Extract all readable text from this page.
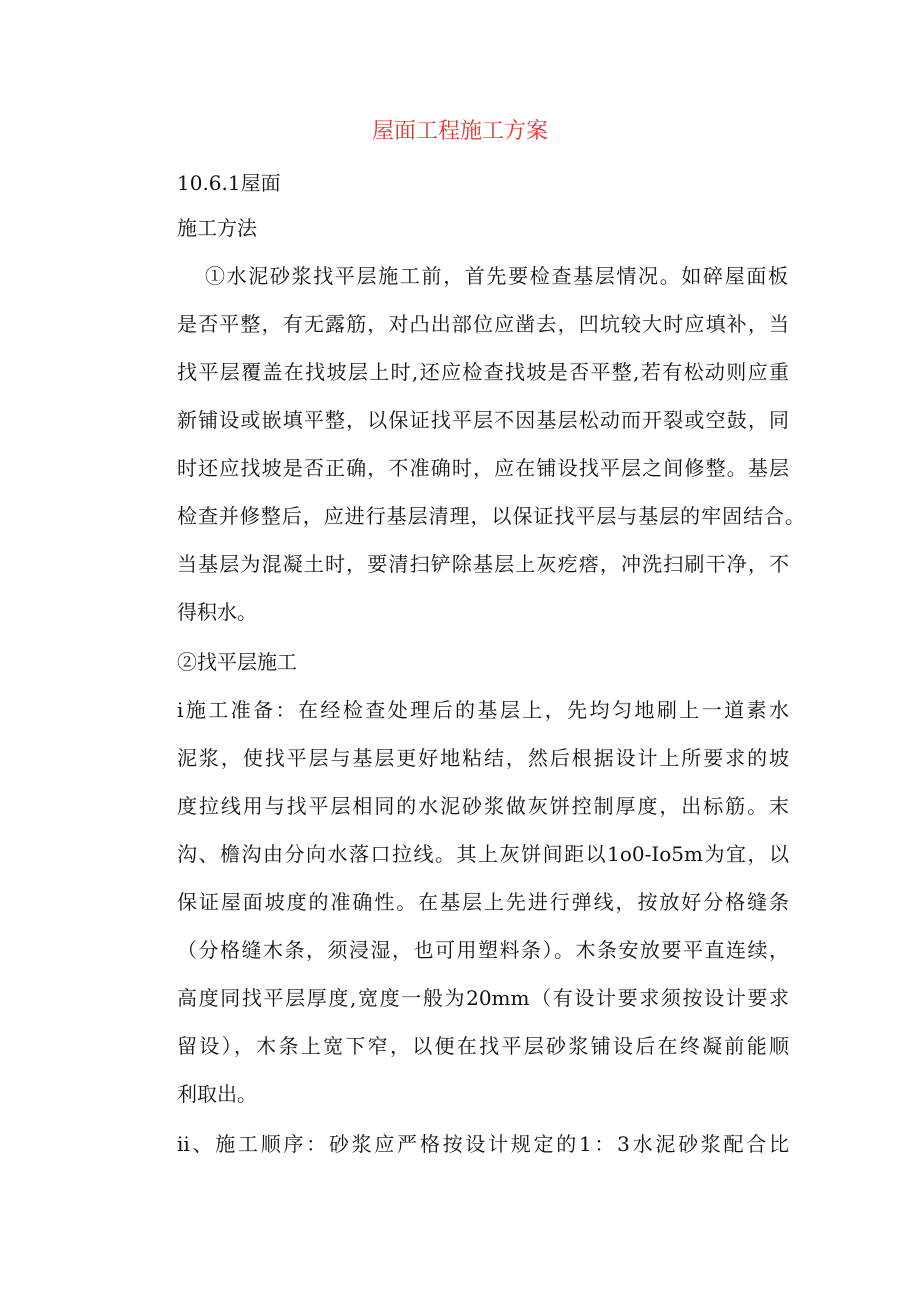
屋面工程施工方案
10.6.1屋面
施工方法
①水泥砂浆找平层施工前，首先要检查基层情况。如碎屋面板
是否平整，有无露筋，对凸出部位应凿去，凹坑较大时应填补，当
找平层覆盖在找坡层上时,还应检查找坡是否平整,若有松动则应重
新铺设或嵌填平整，以保证找平层不因基层松动而开裂或空鼓，同
时还应找坡是否正确，不准确时，应在铺设找平层之间修整。基层
检查并修整后，应进行基层清理，以保证找平层与基层的牢固结合。
当基层为混凝土时，要清扫铲除基层上灰疙瘩，冲洗扫刷干净，不
得积水。
②找平层施工
ⅰ施工准备：在经检查处理后的基层上，先均匀地刷上一道素水
泥浆，使找平层与基层更好地粘结，然后根据设计上所要求的坡
度拉线用与找平层相同的水泥砂浆做灰饼控制厚度，出标筋。末
沟、檐沟由分向水落口拉线。其上灰饼间距以1o0-Io5m为宜，以
保证屋面坡度的准确性。在基层上先进行弹线，按放好分格缝条
（分格缝木条，须浸湿，也可用塑料条）。木条安放要平直连续，
高度同找平层厚度,宽度一般为20mm（有设计要求须按设计要求
留设），木条上宽下窄，以便在找平层砂浆铺设后在终凝前能顺
利取出。
ⅱ、施工顺序：砂浆应严格按设计规定的1：3水泥砂浆配合比
